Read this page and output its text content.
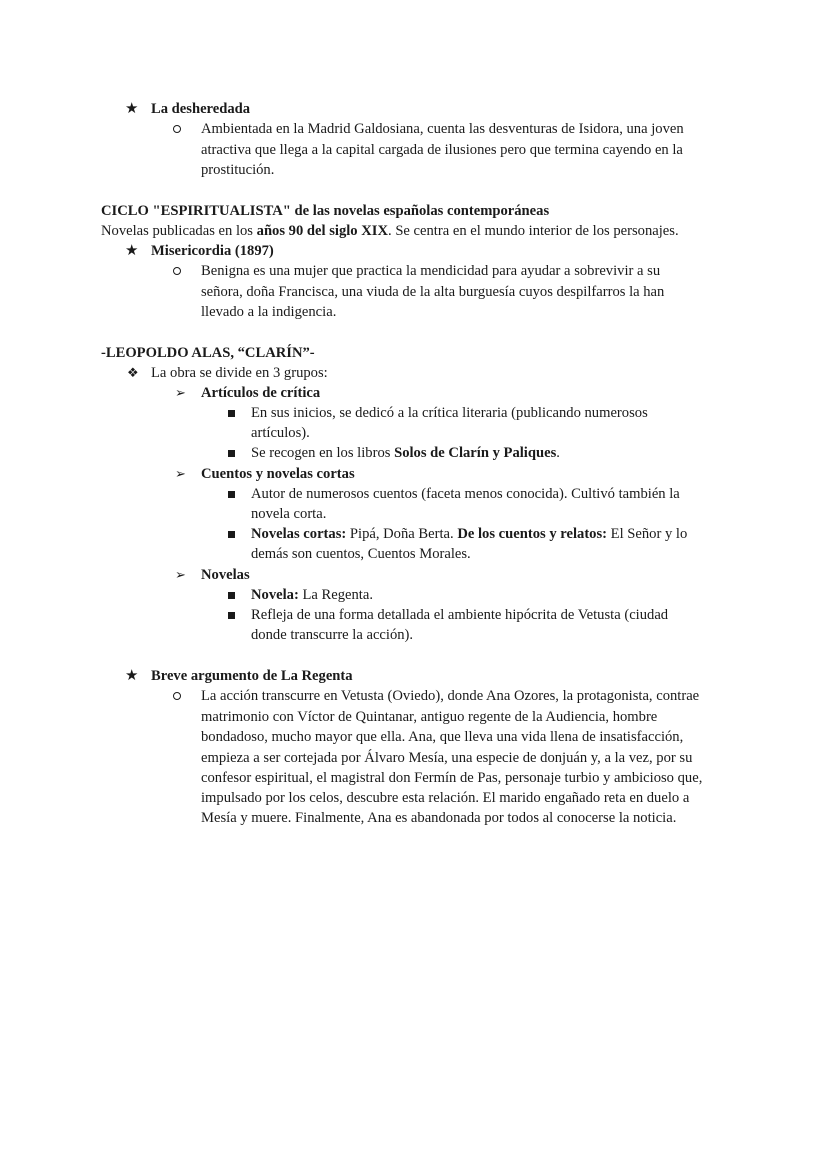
★ La desheredada
Ambientada en la Madrid Galdosiana, cuenta las desventuras de Isidora, una joven
atractiva que llega a la capital cargada de ilusiones pero que termina cayendo en la
prostitución.
CICLO "ESPIRITUALISTA" de las novelas españolas contemporáneas
Novelas publicadas en los años 90 del siglo XIX. Se centra en el mundo interior de los personajes.
★ Misericordia (1897)
Benigna es una mujer que practica la mendicidad para ayudar a sobrevivir a su
señora, doña Francisca, una viuda de la alta burguesía cuyos despilfarros la han
llevado a la indigencia.
-LEOPOLDO ALAS, “CLARÍN”-
❖ La obra se divide en 3 grupos:
➢ Artículos de crítica
En sus inicios, se dedicó a la crítica literaria (publicando numerosos
artículos).
Se recogen en los libros Solos de Clarín y Paliques.
➢ Cuentos y novelas cortas
Autor de numerosos cuentos (faceta menos conocida). Cultivó también la
novela corta.
Novelas cortas: Pipá, Doña Berta. De los cuentos y relatos: El Señor y lo
demás son cuentos, Cuentos Morales.
➢ Novelas
Novela: La Regenta.
Refleja de una forma detallada el ambiente hipócrita de Vetusta (ciudad
donde transcurre la acción).
★ Breve argumento de La Regenta
La acción transcurre en Vetusta (Oviedo), donde Ana Ozores, la protagonista, contrae
matrimonio con Víctor de Quintanar, antiguo regente de la Audiencia, hombre
bondadoso, mucho mayor que ella. Ana, que lleva una vida llena de insatisfacción,
empieza a ser cortejada por Álvaro Mesía, una especie de donjuán y, a la vez, por su
confesor espiritual, el magistral don Fermín de Pas, personaje turbio y ambicioso que,
impulsado por los celos, descubre esta relación. El marido engañado reta en duelo a
Mesía y muere. Finalmente, Ana es abandonada por todos al conocerse la noticia.
